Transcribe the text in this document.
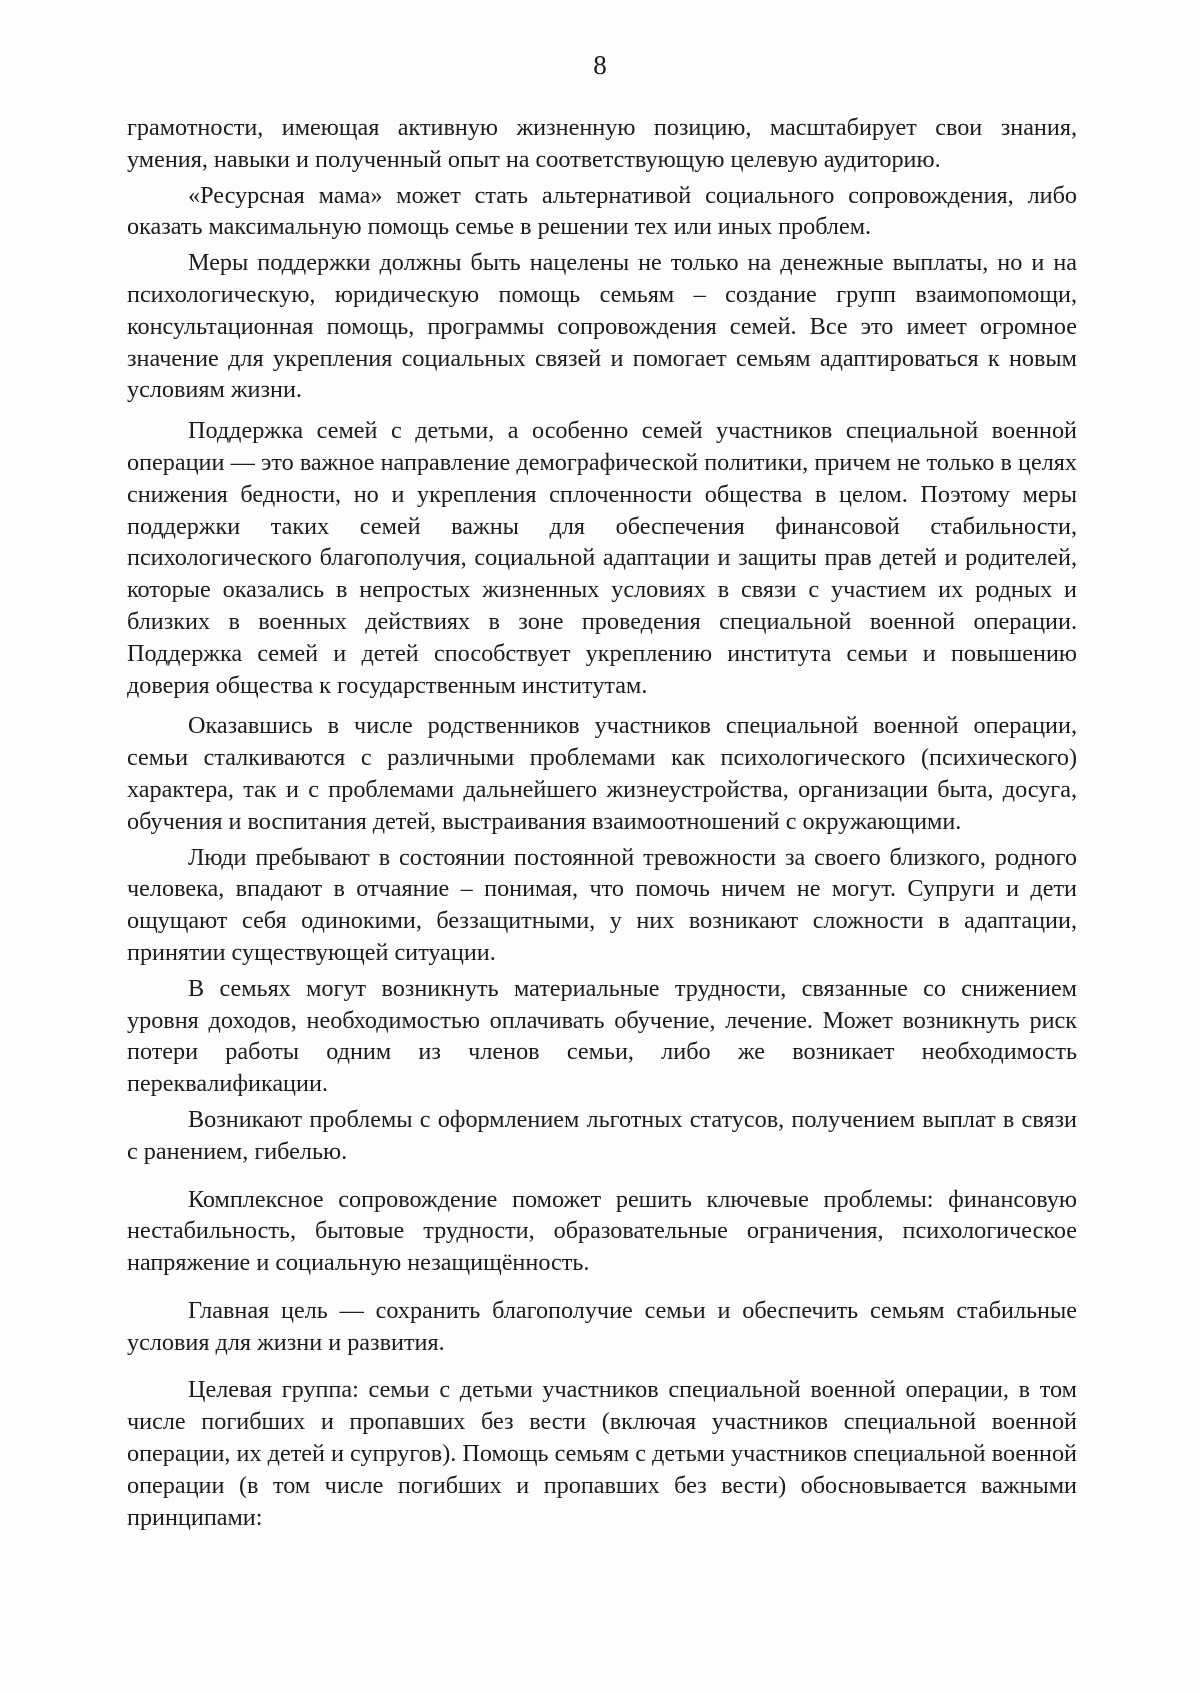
8

грамотности, имеющая активную жизненную позицию, масштабирует свои знания, умения, навыки и полученный опыт на соответствующую целевую аудиторию.

«Ресурсная мама» может стать альтернативой социального сопровождения, либо оказать максимальную помощь семье в решении тех или иных проблем.

Меры поддержки должны быть нацелены не только на денежные выплаты, но и на психологическую, юридическую помощь семьям – создание групп взаимопомощи, консультационная помощь, программы сопровождения семей. Все это имеет огромное значение для укрепления социальных связей и помогает семьям адаптироваться к новым условиям жизни.

Поддержка семей с детьми, а особенно семей участников специальной военной операции — это важное направление демографической политики, причем не только в целях снижения бедности, но и укрепления сплоченности общества в целом. Поэтому меры поддержки таких семей важны для обеспечения финансовой стабильности, психологического благополучия, социальной адаптации и защиты прав детей и родителей, которые оказались в непростых жизненных условиях в связи с участием их родных и близких в военных действиях в зоне проведения специальной военной операции. Поддержка семей и детей способствует укреплению института семьи и повышению доверия общества к государственным институтам.

Оказавшись в числе родственников участников специальной военной операции, семьи сталкиваются с различными проблемами как психологического (психического) характера, так и с проблемами дальнейшего жизнеустройства, организации быта, досуга, обучения и воспитания детей, выстраивания взаимоотношений с окружающими.

Люди пребывают в состоянии постоянной тревожности за своего близкого, родного человека, впадают в отчаяние – понимая, что помочь ничем не могут. Супруги и дети ощущают себя одинокими, беззащитными, у них возникают сложности в адаптации, принятии существующей ситуации.

В семьях могут возникнуть материальные трудности, связанные со снижением уровня доходов, необходимостью оплачивать обучение, лечение. Может возникнуть риск потери работы одним из членов семьи, либо же возникает необходимость переквалификации.

Возникают проблемы с оформлением льготных статусов, получением выплат в связи с ранением, гибелью.

Комплексное сопровождение поможет решить ключевые проблемы: финансовую нестабильность, бытовые трудности, образовательные ограничения, психологическое напряжение и социальную незащищённость.

Главная цель — сохранить благополучие семьи и обеспечить семьям стабильные условия для жизни и развития.

Целевая группа: семьи с детьми участников специальной военной операции, в том числе погибших и пропавших без вести (включая участников специальной военной операции, их детей и супругов). Помощь семьям с детьми участников специальной военной операции (в том числе погибших и пропавших без вести) обосновывается важными принципами:
